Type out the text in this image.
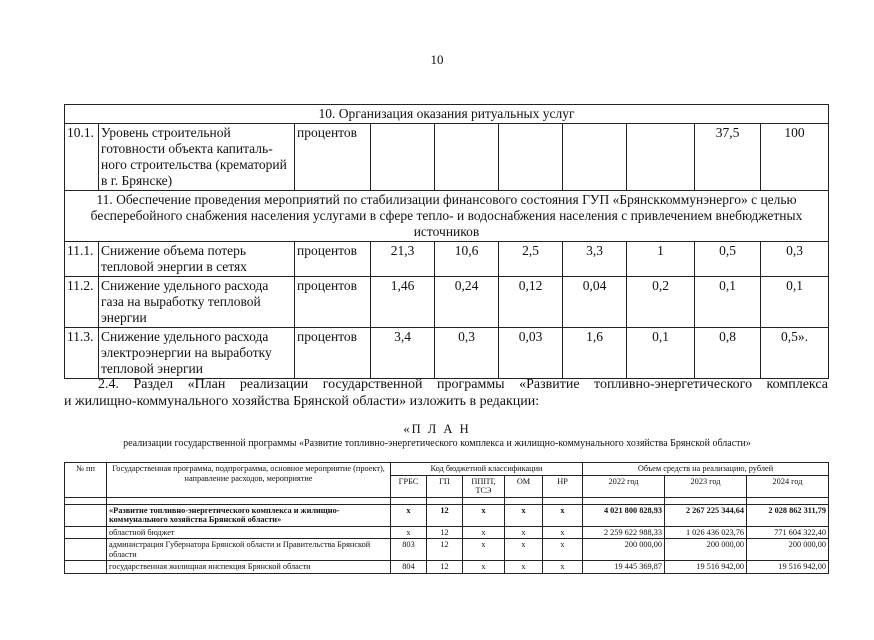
10
10. Организация оказания ритуальных услуг									
10.1.	Уровень строительной готовности объекта капитального строительства (крематорий в г. Брянске)	процентов						37,5	100
11. Обеспечение проведения мероприятий по стабилизации финансового состояния ГУП «Брянсккоммунэнерго» с целью бесперебойного снабжения населения услугами в сфере тепло- и водоснабжения населения с привлечением внебюджетных источников									
11.1.	Снижение объема потерь тепловой энергии в сетях	процентов	21,3	10,6	2,5	3,3	1	0,5	0,3
11.2.	Снижение удельного расхода газа на выработку тепловой энергии	процентов	1,46	0,24	0,12	0,04	0,2	0,1	0,1
11.3.	Снижение удельного расхода электроэнергии на выработку тепловой энергии	процентов	3,4	0,3	0,03	1,6	0,1	0,8	0,5».
2.4. Раздел «План реализации государственной программы «Развитие топливно-энергетического комплекса
и жилищно-коммунального хозяйства Брянской области» изложить в редакции:
«П Л А Н
реализации государственной программы «Развитие топливно-энергетического комплекса и жилищно-коммунального хозяйства Брянской области»
№ пп	Государственная программа, подпрограмма, основное мероприятие (проект), направление расходов, мероприятие	Код бюджетной классификации					Объем средств на реализацию, рублей		
		ГРБС	ГП	ПППТ, ТСЭ	ОМ	НР	2022 год	2023 год	2024 год

	«Развитие топливно-энергетического комплекса и жилищно-коммунального хозяйства Брянской области»	х	12	х	х	х	4 021 800 828,93	2 267 225 344,64	2 028 862 311,79
	областной бюджет	х	12	х	х	х	2 259 622 988,33	1 026 436 023,76	771 604 322,40
	администрация Губернатора Брянской области и Правительства Брянской области	803	12	х	х	х	200 000,00	200 000,00	200 000,00
	государственная жилищная инспекция Брянской области	804	12	х	х	х	19 445 369,87	19 516 942,00	19 516 942,00
